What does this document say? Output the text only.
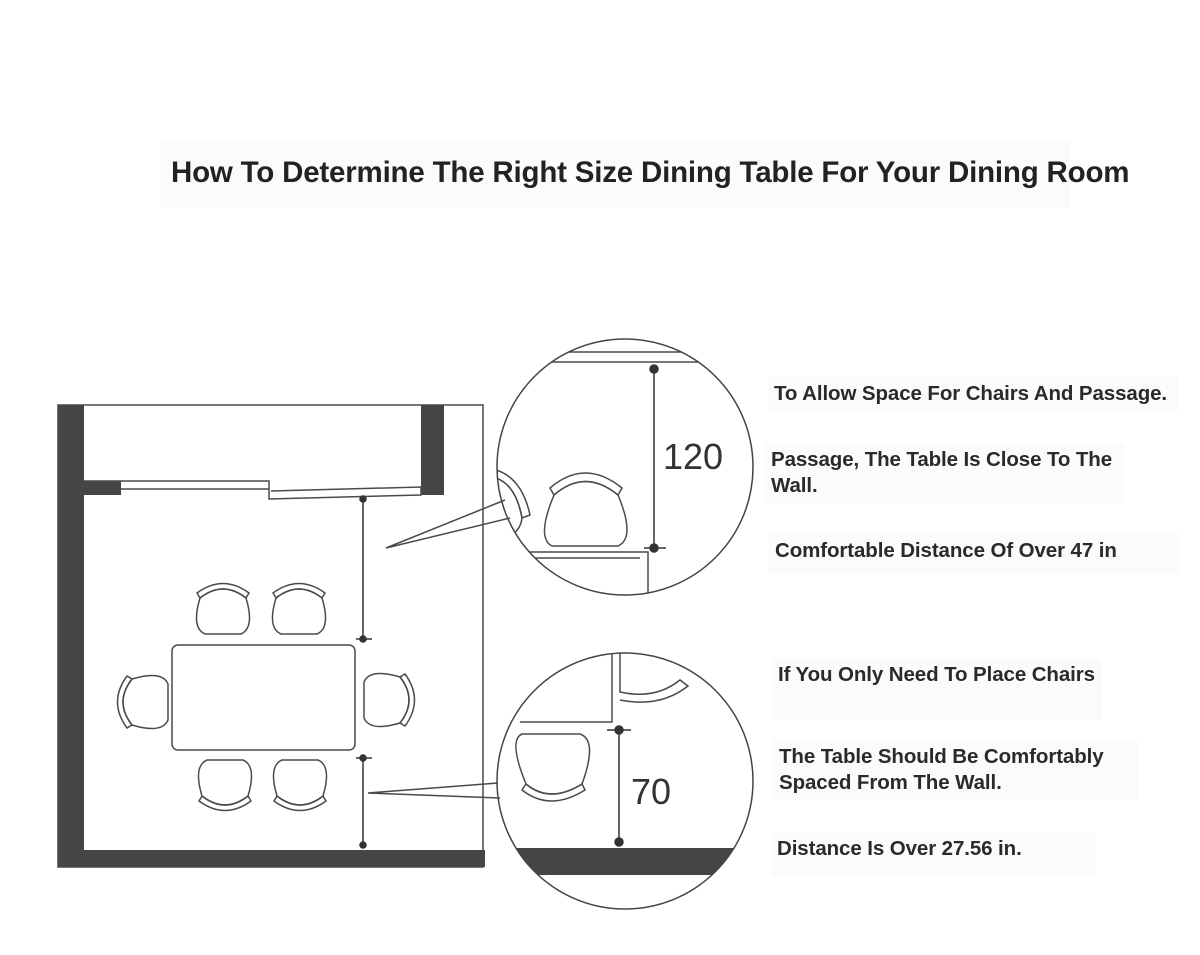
How To Determine The Right Size Dining Table For Your Dining Room
120
70
To Allow Space For Chairs And Passage.
Passage, The Table Is Close To The Wall.
Comfortable Distance Of Over 47 in
If You Only Need To Place Chairs
The Table Should Be Comfortably Spaced From The Wall.
Distance Is Over 27.56 in.
